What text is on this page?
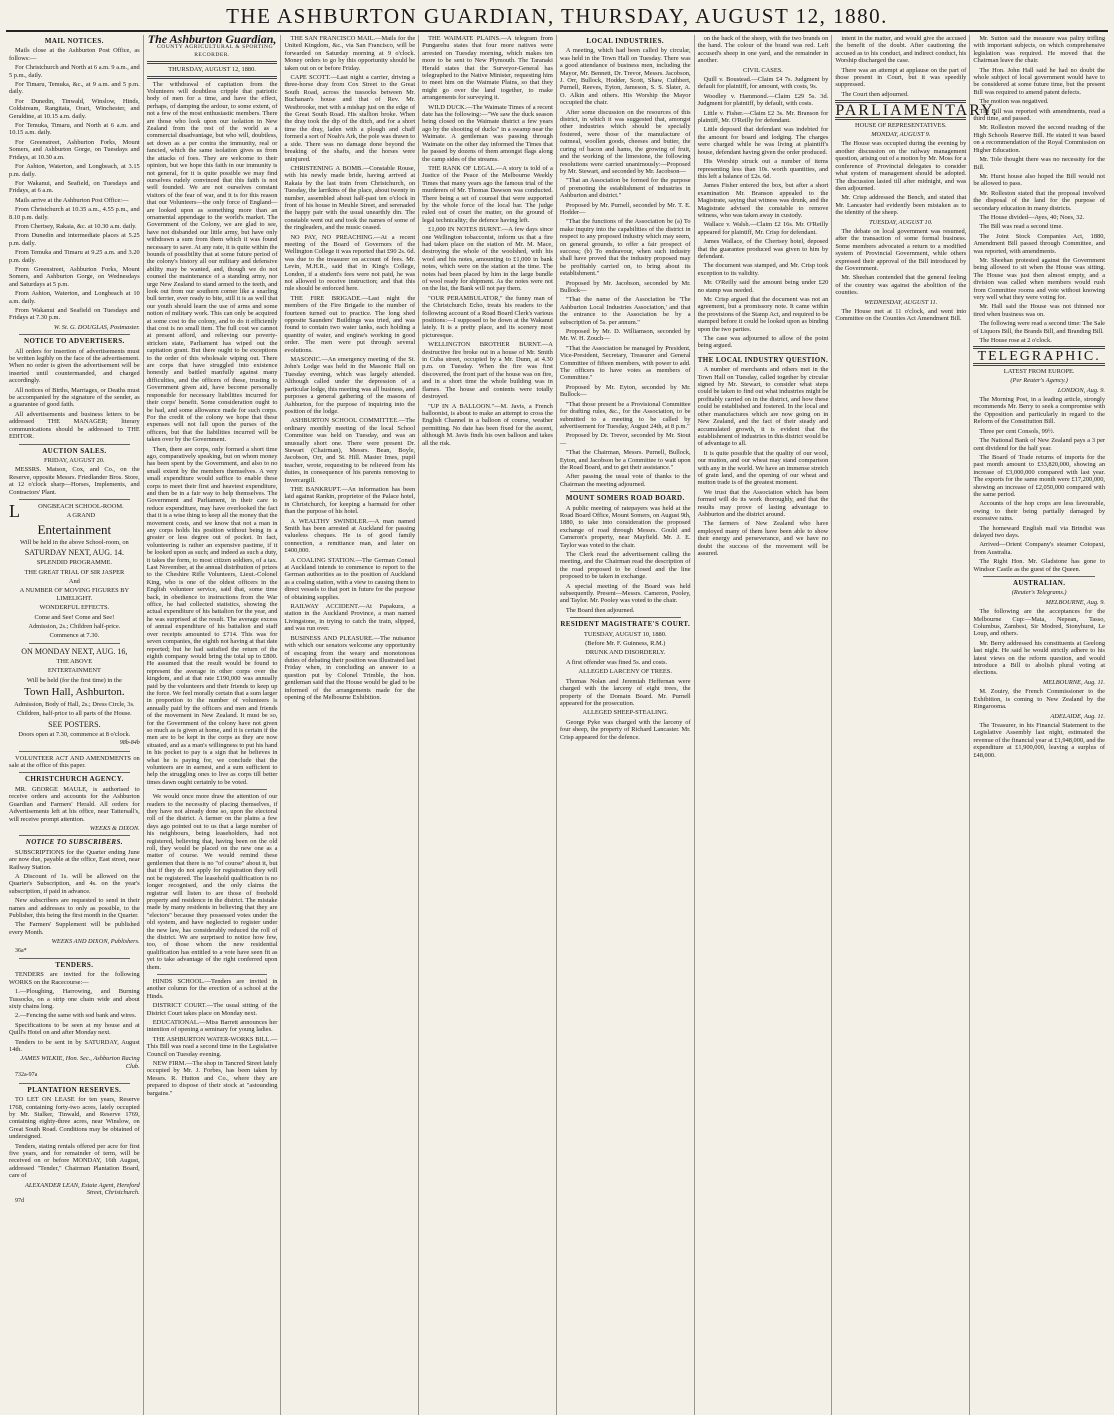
THE ASHBURTON GUARDIAN, THURSDAY, AUGUST 12, 1880.
MAIL NOTICES.

Mails close at the Ashburton Post Office, as follows:—

For Christchurch and North at 6 a.m. 9 a.m., and 5 p.m., daily.

For Timaru, Temuka, &c., at 9 a.m. and 5 p.m. daily.

For Dunedin, Tinwald, Winslow, Hinds, Coldstream, Rangitata, Orari, Winchester, and Geraldine, at 10.15 a.m. daily.

For Temuka, Timaru, and North at 6 a.m. and 10.15 a.m. daily.

For Greenstreet, Ashburton Forks, Mount Somers, and Ashburton Gorge, on Tuesdays and Fridays, at 10.30 a.m.

For Ashton, Waterton, and Longbeach, at 3.15 p.m. daily.

For Wakanui, and Seafield, on Tuesdays and Fridays, at 6 a.m.

Mails arrive at the Ashburton Post Office:—

From Christchurch at 10.35 a.m., 4.55 p.m., and 8.10 p.m. daily.

From Chertsey, Rakaia, &c. at 10.30 a.m. daily.

From Dunedin and intermediate places at 5.25 p.m. daily.

From Temuka and Timaru at 9.25 a.m. and 3.20 p.m. daily.

From Greenstreet, Ashburton Forks, Mount Somers, and Ashburton Gorge, on Wednesdays and Saturdays at 5 p.m.

From Ashton, Waterton, and Longbeach at 10 a.m. daily.

From Wakanui and Seafield on Tuesdays and Fridays at 7.30 p.m.

W. St. G. DOUGLAS, Postmaster.

NOTICE TO ADVERTISERS.

All orders for insertion of advertisements must be written legibly on the face of the advertisement. When no order is given the advertisement will be inserted until countermanded, and charged accordingly.

All notices of Births, Marriages, or Deaths must be accompanied by the signature of the sender, as a guarantee of good faith.

All advertisements and business letters to be addressed THE MANAGER; literary communications should be addressed to THE EDITOR.

AUCTION SALES.

FRIDAY, AUGUST 20.

MESSRS. Matson, Cox, and Co., on the Reserve, opposite Messrs. Friedlander Bros. Store, at 12 o'clock sharp—Horses, Implements, and Contractors' Plant.

L	ONGBEACH SCHOOL-ROOM.

A GRAND

Entertainment

Will be held in the above School-room, on

SATURDAY NEXT, AUG. 14.

SPLENDID PROGRAMME.

THE GREAT TRIAL OF SIR JASPER

And

A NUMBER OF MOVING FIGURES BY LIMELIGHT.

WONDERFUL EFFECTS.

Come and See! Come and See!

Admission, 2s.; Children half-price.

Commence at 7.30.

ON MONDAY NEXT, AUG. 16,

THE ABOVE

ENTERTAINMENT

Will be held (for the first time) in the

Town Hall, Ashburton.

Admission, Body of Hall, 2s.; Dress Circle, 3s.

Children, half-price to all parts of the House.

SEE POSTERS.

Doors open at 7.30, commence at 8 o'clock.

98b-84b

VOLUNTEER ACT AND AMENDMENTS on sale at the office of this paper.

CHRISTCHURCH AGENCY.

MR. GEORGE MAULE, is authorised to receive orders and accounts for the Ashburton Guardian and Farmers' Herald. All orders for Advertisements left at his office, near Tattersall's, will receive prompt attention.

WEEKS & DIXON.

NOTICE TO SUBSCRIBERS.

SUBSCRIPTIONS for the Quarter ending June are now due, payable at the office, East street, near Railway Station.

A Discount of 1s. will be allowed on the Quarter's Subscription, and 4s. on the year's subscription, if paid in advance.

New subscribers are requested to send in their names and addresses to only as possible, to the Publisher, this being the first month in the Quarter.

The Farmers' Supplement will be published every Month.

WEEKS AND DIXON, Publishers.

36a*

TENDERS.

TENDERS are invited for the following WORKS on the Racecourse:—

1.—Ploughing, Harrowing, and Burning Tussocks, on a strip one chain wide and about sixty chains long.

2.—Fencing the same with sod bank and wires.

Specifications to be seen at my house and at Quill's Hotel on and after Monday next.

Tenders to be sent in by SATURDAY, August 14th.

JAMES WILKIE, Hon. Sec., Ashburton Racing Club.

732a-97a

PLANTATION RESERVES.

TO LET ON LEASE for ten years, Reserve 1768, containing forty-two acres, lately occupied by Mr. Stalker, Tinwald, and Reserve 1769, containing eighty-three acres, near Winslow, on Great South Road. Conditions may be obtained of undersigned.

Tenders, stating rentals offered per acre for first five years, and for remainder of term, will be received on or before MONDAY, 16th August, addressed "Tender," Chairman Plantation Board, care of

ALEXANDER LEAN, Estate Agent, Hereford Street, Christchurch.

97d

The Ashburton Guardian,

COUNTY AGRICULTURAL & SPORTING RECORDER.

THURSDAY, AUGUST 12, 1880.

The withdrawal of capitation from the Volunteers will doubtless cripple that patriotic body of men for a time, and have the effect, perhaps, of damping the ardour, to some extent, of not a few of the most enthusiastic members. There are those who look upon our isolation in New Zealand from the rest of the world as a commercial disadvantage, but who will, doubtless, set down as a per contra the immunity, real or fancied, which the same isolation gives us from the attacks of foes. They are welcome to their opinion, but we hope this faith in our immunity is not general, for it is quite possible we may find ourselves rudely convinced that this faith is not well founded. We are not ourselves constant visitors of the fear of war, and it is for this reason that our Volunteers—the only force of England—are looked upon as something more than an ornamental appendage to the world's market. The Government of the Colony, we are glad to see, have not disbanded our little army, but have only withdrawn a sum from them which it was found necessary to save. At any rate, it is quite within the bounds of possibility that at some future period of the colony's history all our military and defensive ability may be wanted, and, though we do not counsel the maintenance of a standing army, nor urge New Zealand to stand armed to the teeth, and look out from our southern corner like a snarling bull terrier, ever ready to bite, still it is as well that our youth should learn the use of arms and some notion of military work. This can only be acquired at some cost to the colony, and to do it efficiently that cost is no small item. The full cost we cannot at present afford, and relieving our poverty-stricken state, Parliament has wiped out the capitation grant. But there ought to be exceptions to the order of this wholesale wiping out. There are corps that have struggled into existence honestly and battled manfully against many difficulties, and the officers of these, trusting to Government given aid, have become personally responsible for necessary liabilities incurred for their corps' benefit. Some consideration ought to be had, and some allowance made for such corps. For the credit of the colony we hope that these expenses will not fall upon the purses of the officers, but that the liabilities incurred will be taken over by the Government.

Then, there are corps, only formed a short time ago, comparatively speaking, but on whom money has been spent by the Government, and also to no small extent by the members themselves. A very small expenditure would suffice to enable these corps to meet their first and heaviest expenditure, and then be in a fair way to help themselves. The Government and Parliament, in their care to reduce expenditure, may have overlooked the fact that it is a wise thing to keep all the money that the movement costs, and we know that not a man in any corps holds his position without being in a greater or less degree out of pocket. In fact, volunteering is rather an expensive pastime, if it be looked upon as such; and indeed as such a duty, it takes the form, to most citizen soldiers, of a tax. Last November, at the annual distribution of prizes to the Cheshire Rifle Volunteers, Lieut.-Colonel King, who is one of the oldest officers in the English volunteer service, said that, some time back, in obedience to instructions from the War office, he had collected statistics, showing the actual expenditure of his battalion for the year, and he was surprised at the result. The average excess of annual expenditure of his battalion and staff over receipts amounted to £714. This was for seven companies, the eighth not having at that date reported; but he had satisfied the return of the eighth company would bring the total up to £800. He assumed that the result would be found to represent the average in other corps over the kingdom, and at that rate £190,000 was annually paid by the volunteers and their friends to keep up the force. We feel morally certain that a sum larger in proportion to the number of volunteers is annually paid by the officers and men and friends of the movement in New Zealand. It must be so, for the Government of the colony have not given so much as is given at home, and it is certain if the men are to be kept in the corps as they are now situated, and as a man's willingness to put his hand in his pocket to pay is a sign that he believes in what he is paying for, we conclude that the volunteers are in earnest, and a sum sufficient to help the struggling ones to live as corps till better times dawn ought certainly to be voted.

We would once more draw the attention of our readers to the necessity of placing themselves, if they have not already done so, upon the electoral roll of the district. A farmer on the plains a few days ago pointed out to us that a large number of his neighbours, being leaseholders, had not registered, believing that, having been on the old roll, they would be placed on the new one as a matter of course. We would remind these gentlemen that there is no "of course" about it, but that if they do not apply for registration they will not be registered. The leasehold qualification is no longer recognised, and the only claims the registrar will listen to are those of freehold property and residence in the district. The mistake made by many residents in believing that they are "electors" because they possessed votes under the old system, and have neglected to register under the new law, has considerably reduced the roll of the district. We are surprised to notice how few, too, of those whom the new residential qualification has entitled to a vote have seen fit as yet to take advantage of the right conferred upon them.

HINDS SCHOOL.—Tenders are invited in another column for the erection of a school at the Hinds.

DISTRICT COURT.—The usual sitting of the District Court takes place on Monday next.

EDUCATIONAL.—Miss Barrett announces her intention of opening a seminary for young ladies.

THE ASHBURTON WATER-WORKS BILL.—This Bill was read a second time in the Legislative Council on Tuesday evening.

NEW FIRM.—The shop in Tancred Street lately occupied by Mr. J. Forbes, has been taken by Messrs. R. Hutton and Co., where they are prepared to dispose of their stock at "astounding bargains."

THE SAN FRANCISCO MAIL.—Mails for the United Kingdom, &c., via San Francisco, will be forwarded on Saturday morning at 9 o'clock. Money orders to go by this opportunity should be taken out on or before Friday.

CAPE SCOTT.—Last night a carrier, driving a three-horse dray from Cox Street to the Great South Road, across the tussocks between Mr. Buchanan's house and that of Rev. Mr. Westbrooke, met with a mishap just on the edge of the Great South Road. His stallion broke. When the dray took the dip of the ditch, and for a short time the dray, laden with a plough and chaff formed a sort of Noah's Ark, the pole was drawn to a side. There was no damage done beyond the breaking of the shafts, and the horses were uninjured.

CHRISTENING A BOMB.—Constable Rouse, with his newly made bride, having arrived at Rakaia by the last train from Christchurch, on Tuesday, the larrikins of the place, about twenty in number, assembled about half-past ten o'clock in front of his house in Meuhle Street, and serenaded the happy pair with the usual unearthly din. The constable went out and took the names of some of the ringleaders, and the music ceased.

NO PAY, NO PREACHING.—At a recent meeting of the Board of Governors of the Wellington College it was reported that £90 2s. 6d. was due to the treasurer on account of fees. Mr. Levin, M.H.R., said that in King's College, London, if a student's fees were not paid, he was not allowed to receive instruction; and that this rule should be enforced here.

THE FIRE BRIGADE.—Last night the members of the Fire Brigade to the number of fourteen turned out to practice. The long shed opposite Saunders' Buildings was tried, and was found to contain two water tanks, each holding a quantity of water, and engine's working in good order. The men were put through several evolutions.

MASONIC.—An emergency meeting of the St. John's Lodge was held in the Masonic Hall on Tuesday evening, which was largely attended. Although called under the depression of a particular lodge, this meeting was all business, and purposes a general gathering of the masons of Ashburton, for the purpose of inquiring into the position of the lodge.

ASHBURTON SCHOOL COMMITTEE.—The ordinary monthly meeting of the local School Committee was held on Tuesday, and was an unusually short one. There were present Dr. Stewart (Chairman), Messrs. Bean, Boyle, Jacobson, Orr, and St. Hill. Master Imes, pupil teacher, wrote, requesting to be relieved from his duties, in consequence of his parents removing to Invercargill.

THE BANKRUPT.—An information has been laid against Rankin, proprietor of the Palace hotel, in Christchurch, for keeping a barmaid for other than the purpose of his hotel.

A WEALTHY SWINDLER.—A man named Smith has been arrested at Auckland for passing valueless cheques. He is of good family connection, a remittance man, and later on £400,000.

A COALING STATION.—The German Consul at Auckland intends to commence to report to the German authorities as to the position of Auckland as a coaling station, with a view to causing them to direct vessels to that port in future for the purpose of obtaining supplies.

RAILWAY ACCIDENT.—At Papakura, a station in the Auckland Province, a man named Livingstone, in trying to catch the train, slipped, and was run over.

BUSINESS AND PLEASURE.—The nuisance with which our senators welcome any opportunity of escaping from the weary and monotonous duties of debating their position was illustrated last Friday when, in concluding an answer to a question put by Colonel Trimble, the hon. gentleman said that the House would be glad to be informed of the arrangements made for the opening of the Melbourne Exhibition.

THE WAIMATE PLAINS.—A telegram from Pungarehu states that four more natives were arrested on Tuesday morning, which makes ten more to be sent to New Plymouth. The Taranaki Herald states that the Surveyor-General has telegraphed to the Native Minister, requesting him to meet him on the Waimate Plains, so that they might go over the land together, to make arrangements for surveying it.

WILD DUCK.—The Waimate Times of a recent date has the following:—"We saw the duck season being closed on the Waimate district a few years ago by the shooting of ducks" in a swamp near the Waimate. A gentleman was passing through Waimate on the other day informed the Times that he passed by dozens of them amongst flags along the camp sides of the streams.

THE RANK OF LEGAL.—A story is told of a Justice of the Peace of the Melbourne Weekly Times that many years ago the famous trial of the murderers of Mr. Thomas Dawson was conducted. There being a set of counsel that were supported by the whole force of the local bar. The judge ruled out of court the matter, on the ground of legal technicality; the defence having left.

£1,000 IN NOTES BURNT.—A few days since one Wellington tobacconist, inform us that a fire had taken place on the station of Mr. M. Mace, destroying the whole of the woolshed, with his wool and his notes, amounting to £1,000 in bank notes, which were on the station at the time. The notes had been placed by him in the large bundle of wool ready for shipment. As the notes were not on the list, the Bank will not pay them.

"OUR PERAMBULATOR," the funny man of the Christchurch Echo, treats his readers to the following account of a Road Board Clerk's various positions:—I supposed to be down at the Wakanui lately. It is a pretty place, and its scenery most picturesque.

WELLINGTON BROTHER BURNT.—A destructive fire broke out in a house of Mr. Smith in Cuba street, occupied by a Mr. Dunn, at 4.30 p.m. on Tuesday. When the fire was first discovered, the front part of the house was on fire, and in a short time the whole building was in flames. The house and contents were totally destroyed.

"UP IN A BALLOON."—M. Javis, a French balloonist, is about to make an attempt to cross the English Channel in a balloon of course, weather permitting. No date has been fixed for the ascent, although M. Javis finds his own balloon and takes all the risk.

LOCAL INDUSTRIES.

A meeting, which had been called by circular, was held in the Town Hall on Tuesday. There was a good attendance of business men, including the Mayor, Mr. Bennett, Dr. Trevor, Messrs. Jacobson, J. Orr, Bullock, Hodder, Scott, Shaw, Cuthbert, Purnell, Reeves, Eyton, Jameson, S. S. Slater, A. O. Alkin and others. His Worship the Mayor occupied the chair.

After some discussion on the resources of this district, in which it was suggested that, amongst other industries which should be specially fostered, were those of the manufacture of oatmeal, woollen goods, cheeses and butter, the curing of bacon and hams, the growing of fruit, and the working of the limestone, the following resolutions were carried unanimously:—Proposed by Mr. Stewart, and seconded by Mr. Jacobson—

"That an Association be formed for the purpose of promoting the establishment of industries in Ashburton and district."

Proposed by Mr. Purnell, seconded by Mr. T. E. Hodder—

"That the functions of the Association be (a) To make inquiry into the capabilities of the district in respect to any proposed industry which may seem, on general grounds, to offer a fair prospect of success; (b) To endeavour, when such industry shall have proved that the industry proposed may be profitably carried on, to bring about its establishment."

Proposed by Mr. Jacobson, seconded by Mr. Bullock—

"That the name of the Association be 'The Ashburton Local Industries Association,' and that the entrance to the Association be by a subscription of 5s. per annum."

Proposed by Mr. D. Williamson, seconded by Mr. W. H. Zouch—

"That the Association be managed by President, Vice-President, Secretary, Treasurer and General Committee of fifteen members, with power to add. The officers to have votes as members of Committee."

Proposed by Mr. Eyton, seconded by Mr. Bullock—

"That those present be a Provisional Committee for drafting rules, &c., for the Association, to be submitted to a meeting to be called by advertisement for Tuesday, August 24th, at 8 p.m."

Proposed by Dr. Trevor, seconded by Mr. Stout—

"That the Chairman, Messrs. Purnell, Bullock, Eyton, and Jacobson be a Committee to wait upon the Road Board, and to get their assistance."

After passing the usual vote of thanks to the Chairman the meeting adjourned.

MOUNT SOMERS ROAD BOARD.

A public meeting of ratepayers was held at the Road Board Office, Mount Somers, on August 9th, 1880, to take into consideration the proposed exchange of road through Messrs. Gould and Cameron's property, near Mayfield. Mr. J. E. Taylor was voted to the chair.

The Clerk read the advertisement calling the meeting, and the Chairman read the description of the road proposed to be closed and the line proposed to be taken in exchange.

A special meeting of the Board was held subsequently. Present—Messrs. Cameron, Pooley, and Taylor. Mr. Pooley was voted to the chair.

The Board then adjourned.

RESIDENT MAGISTRATE'S COURT.

TUESDAY, AUGUST 10, 1880.

(Before Mr. F. Guinness, R.M.)

DRUNK AND DISORDERLY.

A first offender was fined 5s. and costs.

ALLEGED LARCENY OF TREES.

Thomas Nolan and Jeremiah Heffernan were charged with the larceny of eight trees, the property of the Domain Board. Mr. Purnell appeared for the prosecution.

ALLEGED SHEEP-STEALING.

George Pyke was charged with the larceny of four sheep, the property of Richard Lancaster. Mr. Crisp appeared for the defence.

on the back of the sheep, with the two brands on the hand. The colour of the brand was red. Left accused's sheep in one yard, and the remainder in another.

CIVIL CASES.

Quill v. Boustead.—Claim £4 7s. Judgment by default for plaintiff, for amount, with costs, 9s.

Woodley v. Hammond.—Claim £29 5s. 3d. Judgment for plaintiff, by default, with costs.

Little v. Fisher.—Claim £2 3s. Mr. Branson for plaintiff, Mr. O'Reilly for defendant.

Little deposed that defendant was indebted for the amount for board and lodging. The charges were charged while he was living at plaintiff's house, defendant having given the order produced.

His Worship struck out a number of items representing less than 10s. worth quantities, and this left a balance of £2s. 6d.

James Fisher entered the box, but after a short examination Mr. Branson appealed to the Magistrate, saying that witness was drunk, and the Magistrate advised the constable to remove witness, who was taken away in custody.

Wallace v. Walsh.—Claim £2 16s. Mr. O'Reilly appeared for plaintiff, Mr. Crisp for defendant.

James Wallace, of the Chertsey hotel, deposed that the guarantee produced was given to him by defendant.

The document was stamped, and Mr. Crisp took exception to its validity.

Mr. O'Reilly said the amount being under £20 no stamp was needed.

Mr. Crisp argued that the document was not an agreement, but a promissory note. It came within the provisions of the Stamp Act, and required to be stamped before it could be looked upon as binding upon the two parties.

The case was adjourned to allow of the point being argued.

THE LOCAL INDUSTRY QUESTION.

A number of merchants and others met in the Town Hall on Tuesday, called together by circular signed by Mr. Stewart, to consider what steps could be taken to find out what industries might be profitably carried on in the district, and how these could be established and fostered. In the local and other manufactures which are now going on in New Zealand, and the fact of their steady and accumulated growth, it is evident that the establishment of industries in this district would be of advantage to all.

It is quite possible that the quality of our wool, our mutton, and our wheat may stand comparison with any in the world. We have an immense stretch of grain land, and the opening of our wheat and mutton trade is of the greatest moment.

We trust that the Association which has been formed will do its work thoroughly, and that the results may prove of lasting advantage to Ashburton and the district around.

The farmers of New Zealand who have employed many of them have been able to show their energy and perseverance, and we have no doubt the success of the movement will be assured.

intent in the matter, and would give the accused the benefit of the doubt. After cautioning the accused as to his conduct, and indirect conduct, his Worship discharged the case.

There was an attempt at applause on the part of those present in Court, but it was speedily suppressed.

The Court then adjourned.

PARLIAMENTARY.

HOUSE OF REPRESENTATIVES.

MONDAY, AUGUST 9.

The House was occupied during the evening by another discussion on the railway management question, arising out of a motion by Mr. Moss for a conference of Provincial delegates to consider what system of management should be adopted. The discussion lasted till after midnight, and was then adjourned.

Mr. Crisp addressed the Bench, and stated that Mr. Lancaster had evidently been mistaken as to the identity of the sheep.

TUESDAY, AUGUST 10.

The debate on local government was resumed, after the transaction of some formal business. Some members advocated a return to a modified system of Provincial Government, while others expressed their approval of the Bill introduced by the Government.

Mr. Sheehan contended that the general feeling of the country was against the abolition of the counties.

WEDNESDAY, AUGUST 11.

The House met at 11 o'clock, and went into Committee on the Counties Act Amendment Bill.

Mr. Sutton said the measure was paltry trifling with important subjects, on which comprehensive legislation was required. He moved that the Chairman leave the chair.

The Hon. John Hall said he had no doubt the whole subject of local government would have to be considered at some future time, but the present Bill was required to amend patent defects.

The motion was negatived.

The Bill was reported with amendments, read a third time, and passed.

Mr. Rolleston moved the second reading of the High Schools Reserve Bill. He stated it was based on a recommendation of the Royal Commission on Higher Education.

Mr. Tole thought there was no necessity for the Bill.

Mr. Hurst house also hoped the Bill would not be allowed to pass.

Mr. Rolleston stated that the proposal involved the disposal of the land for the purpose of secondary education in many districts.

The House divided—Ayes, 40; Noes, 32.

The Bill was read a second time.

The Joint Stock Companies Act, 1880, Amendment Bill passed through Committee, and was reported, with amendments.

Mr. Sheehan protested against the Government being allowed to sit when the House was sitting. The House was just then almost empty, and a division was called when members would rush from Committee rooms and vote without knowing very well what they were voting for.

Mr. Hall said the House was not thinned nor tired when business was on.

The following were read a second time: The Sale of Liquors Bill, the Brands Bill, and Branding Bill.

The House rose at 2 o'clock.

TELEGRAPHIC.

LATEST FROM EUROPE.

(Per Reuter's Agency.)

LONDON, Aug. 9.

The Morning Post, in a leading article, strongly recommends Mr. Berry to seek a compromise with the Opposition and particularly in regard to the Reform of the Constitution Bill.

Three per cent Consols, 99½.

The National Bank of New Zealand pays a 3 per cent dividend for the half year.

The Board of Trade returns of imports for the past month amount to £33,820,000, showing an increase of £3,000,000 compared with last year. The exports for the same month were £17,200,000, showing an increase of £2,050,000 compared with the same period.

Accounts of the hop crops are less favourable, owing to their being partially damaged by excessive rains.

The homeward English mail via Brindisi was delayed two days.

Arrived—Orient Company's steamer Cotopaxi, from Australia.

The Right Hon. Mr. Gladstone has gone to Windsor Castle as the guest of the Queen.

AUSTRALIAN.

(Reuter's Telegrams.)

MELBOURNE, Aug. 9.

The following are the acceptances for the Melbourne Cup:—Mata, Nepean, Tasso, Columbus, Zambesi, Sir Modred, Stonyhurst, Le Loup, and others.

Mr. Berry addressed his constituents at Geelong last night. He said he would strictly adhere to his latest views on the reform question, and would introduce a Bill to abolish plural voting at elections.

MELBOURNE, Aug. 11.

M. Zouiry, the French Commissioner to the Exhibition, is coming to New Zealand by the Ringarooma.

ADELAIDE, Aug. 11.

The Treasurer, in his Financial Statement to the Legislative Assembly last night, estimated the revenue of the financial year at £1,948,000, and the expenditure at £1,900,000, leaving a surplus of £48,000.
